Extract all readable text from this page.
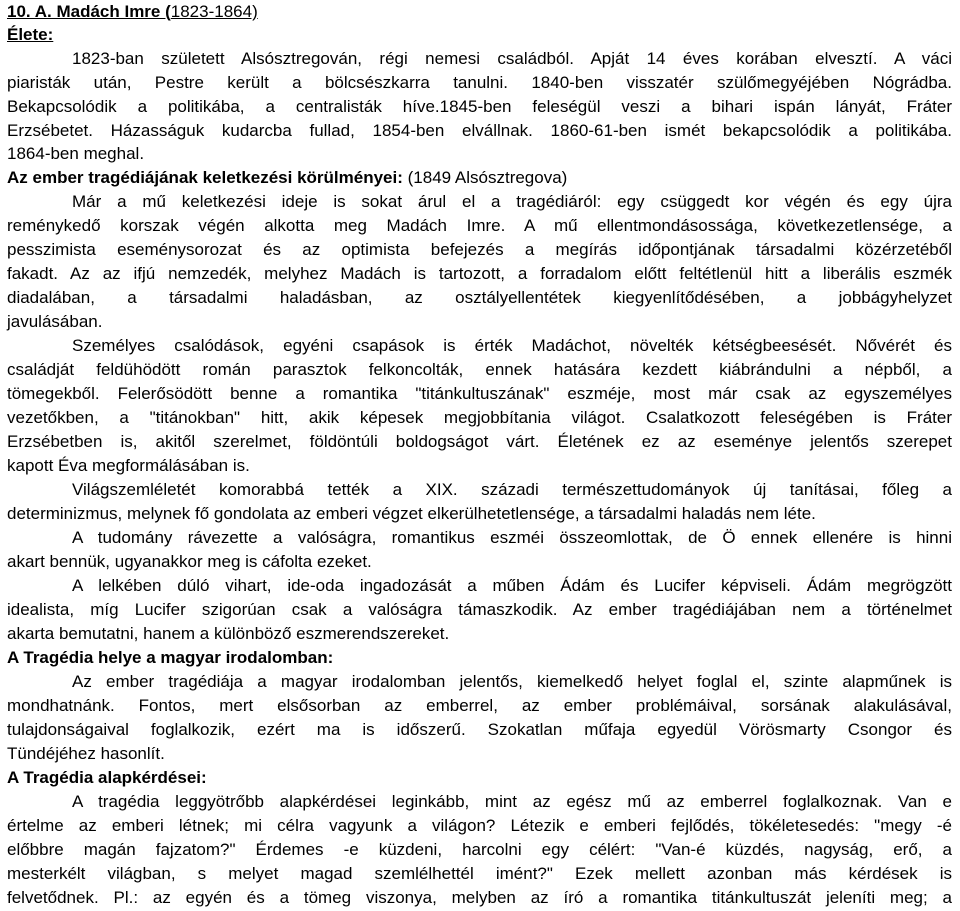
10. A. Madách Imre (1823-1864)
Élete:
1823-ban született Alsósztregován, régi nemesi családból. Apját 14 éves korában elvesztí. A váci
piaristák után, Pestre került a bölcsészkarra tanulni. 1840-ben visszatér szülőmegyéjében Nógrádba.
Bekapcsolódik a politikába, a centralisták híve.1845-ben feleségül veszi a bihari ispán lányát, Fráter
Erzsébetet. Házasságuk kudarcba fullad, 1854-ben elvállnak. 1860-61-ben ismét bekapcsolódik a politikába.
1864-ben meghal.
Az ember tragédiájának keletkezési körülményei: (1849 Alsósztregova)
Már a mű keletkezési ideje is sokat árul el a tragédiáról: egy csüggedt kor végén és egy újra
reménykedő korszak végén alkotta meg Madách Imre. A mű ellentmondásossága, következetlensége, a
pesszimista eseménysorozat és az optimista befejezés a megírás időpontjának társadalmi közérzetéből
fakadt. Az az ifjú nemzedék, melyhez Madách is tartozott, a forradalom előtt feltétlenül hitt a liberális eszmék
diadalában, a társadalmi haladásban, az osztályellentétek kiegyenlítődésében, a jobbágyhelyzet
javulásában.
Személyes csalódások, egyéni csapások is érték Madáchot, növelték kétségbeesését. Nővérét és
családját feldühödött román parasztok felkoncolták, ennek hatására kezdett kiábrándulni a népből, a
tömegekből. Felerősödött benne a romantika "titánkultuszának" eszméje, most már csak az egyszemélyes
vezetőkben, a "titánokban" hitt, akik képesek megjobbítania világot. Csalatkozott feleségében is Fráter
Erzsébetben is, akitől szerelmet, földöntúli boldogságot várt. Életének ez az eseménye jelentős szerepet
kapott Éva megformálásában is.
Világszemléletét komorabbá tették a XIX. századi természettudományok új tanításai, főleg a
determinizmus, melynek fő gondolata az emberi végzet elkerülhetetlensége, a társadalmi haladás nem léte.
A tudomány rávezette a valóságra, romantikus eszméi összeomlottak, de Ö ennek ellenére is hinni
akart bennük, ugyanakkor meg is cáfolta ezeket.
A lelkében dúló vihart, ide-oda ingadozását a műben Ádám és Lucifer képviseli. Ádám megrögzött
idealista, míg Lucifer szigorúan csak a valóságra támaszkodik. Az ember tragédiájában nem a történelmet
akarta bemutatni, hanem a különböző eszmerendszereket.
A Tragédia helye a magyar irodalomban:
Az ember tragédiája a magyar irodalomban jelentős, kiemelkedő helyet foglal el, szinte alapműnek is
mondhatnánk. Fontos, mert elsősorban az emberrel, az ember problémáival, sorsának alakulásával,
tulajdonságaival foglalkozik, ezért ma is időszerű. Szokatlan műfaja egyedül Vörösmarty Csongor és
Tündéjéhez hasonlít.
A Tragédia alapkérdései:
A tragédia leggyötrőbb alapkérdései leginkább, mint az egész mű az emberrel foglalkoznak. Van e
értelme az emberi létnek; mi célra vagyunk a világon? Létezik e emberi fejlődés, tökéletesedés: "megy -é
előbbre magán fajzatom?" Érdemes -e küzdeni, harcolni egy célért: "Van-é küzdés, nagyság, erő, a
mesterkélt világban, s melyet magad szemlélhettél imént?" Ezek mellett azonban más kérdések is
felvetődnek. Pl.: az egyén és a tömeg viszonya, melyben az író a romantika titánkultuszát jeleníti meg; a
